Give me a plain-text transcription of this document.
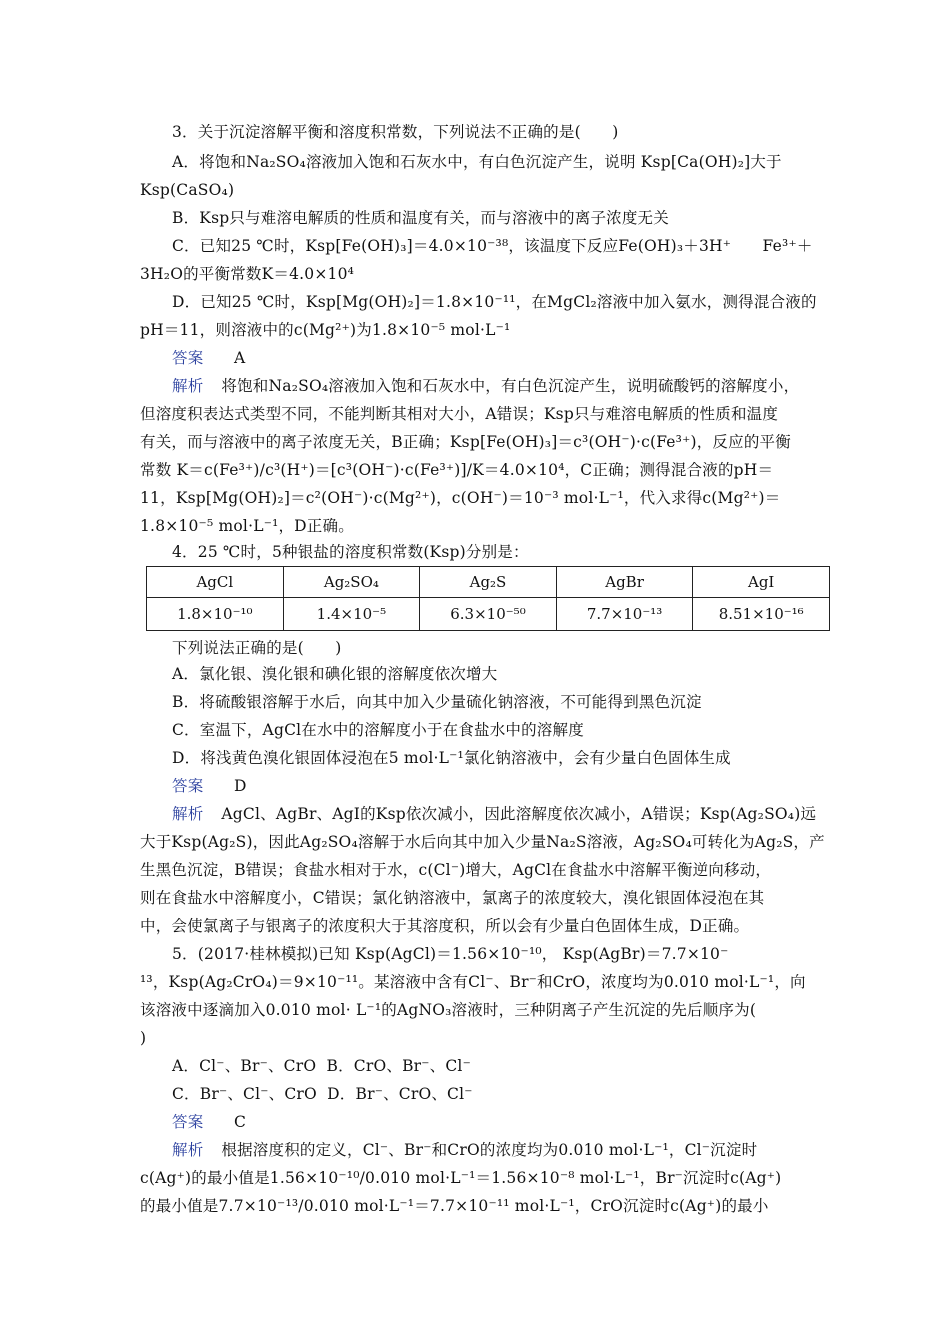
3．关于沉淀溶解平衡和溶度积常数，下列说法不正确的是(　　)
A．将饱和Na₂SO₄溶液加入饱和石灰水中，有白色沉淀产生，说明 Ksp[Ca(OH)₂]大于
Ksp(CaSO₄)
B．Ksp只与难溶电解质的性质和温度有关，而与溶液中的离子浓度无关
C．已知25 ℃时，Ksp[Fe(OH)₃]＝4.0×10⁻³⁸，该温度下反应Fe(OH)₃＋3H⁺　　Fe³⁺＋
3H₂O的平衡常数K＝4.0×10⁴
D．已知25 ℃时，Ksp[Mg(OH)₂]＝1.8×10⁻¹¹，在MgCl₂溶液中加入氨水，测得混合液的
pH＝11，则溶液中的c(Mg²⁺)为1.8×10⁻⁵ mol·L⁻¹
答案 A
解析 将饱和Na₂SO₄溶液加入饱和石灰水中，有白色沉淀产生，说明硫酸钙的溶解度小，
但溶度积表达式类型不同，不能判断其相对大小，A错误；Ksp只与难溶电解质的性质和温度
有关，而与溶液中的离子浓度无关，B正确；Ksp[Fe(OH)₃]＝c³(OH⁻)·c(Fe³⁺)，反应的平衡
常数 K＝c(Fe³⁺)/c³(H⁺)＝[c³(OH⁻)·c(Fe³⁺)]/K＝4.0×10⁴，C正确；测得混合液的pH＝
11，Ksp[Mg(OH)₂]＝c²(OH⁻)·c(Mg²⁺)，c(OH⁻)＝10⁻³ mol·L⁻¹，代入求得c(Mg²⁺)＝
1.8×10⁻⁵ mol·L⁻¹，D正确。
4．25 ℃时，5种银盐的溶度积常数(Ksp)分别是：
AgCl	Ag₂SO₄	Ag₂S	AgBr	AgI
1.8×10⁻¹⁰	1.4×10⁻⁵	6.3×10⁻⁵⁰	7.7×10⁻¹³	8.51×10⁻¹⁶
下列说法正确的是(　　)
A．氯化银、溴化银和碘化银的溶解度依次增大
B．将硫酸银溶解于水后，向其中加入少量硫化钠溶液，不可能得到黑色沉淀
C．室温下，AgCl在水中的溶解度小于在食盐水中的溶解度
D．将浅黄色溴化银固体浸泡在5 mol·L⁻¹氯化钠溶液中，会有少量白色固体生成
答案 D
解析 AgCl、AgBr、AgI的Ksp依次减小，因此溶解度依次减小，A错误；Ksp(Ag₂SO₄)远
大于Ksp(Ag₂S)，因此Ag₂SO₄溶解于水后向其中加入少量Na₂S溶液，Ag₂SO₄可转化为Ag₂S，产
生黑色沉淀，B错误；食盐水相对于水，c(Cl⁻)增大，AgCl在食盐水中溶解平衡逆向移动，
则在食盐水中溶解度小，C错误；氯化钠溶液中，氯离子的浓度较大，溴化银固体浸泡在其
中，会使氯离子与银离子的浓度积大于其溶度积，所以会有少量白色固体生成，D正确。
5．(2017·桂林模拟)已知 Ksp(AgCl)＝1.56×10⁻¹⁰， Ksp(AgBr)＝7.7×10⁻
¹³，Ksp(Ag₂CrO₄)＝9×10⁻¹¹。某溶液中含有Cl⁻、Br⁻和CrO，浓度均为0.010 mol·L⁻¹，向
该溶液中逐滴加入0.010 mol· L⁻¹的AgNO₃溶液时，三种阴离子产生沉淀的先后顺序为(
)
A．Cl⁻、Br⁻、CrO  B．CrO、Br⁻、Cl⁻
C．Br⁻、Cl⁻、CrO  D．Br⁻、CrO、Cl⁻
答案 C
解析 根据溶度积的定义，Cl⁻、Br⁻和CrO的浓度均为0.010 mol·L⁻¹，Cl⁻沉淀时
c(Ag⁺)的最小值是1.56×10⁻¹⁰/0.010 mol·L⁻¹＝1.56×10⁻⁸ mol·L⁻¹，Br⁻沉淀时c(Ag⁺)
的最小值是7.7×10⁻¹³/0.010 mol·L⁻¹＝7.7×10⁻¹¹ mol·L⁻¹，CrO沉淀时c(Ag⁺)的最小
